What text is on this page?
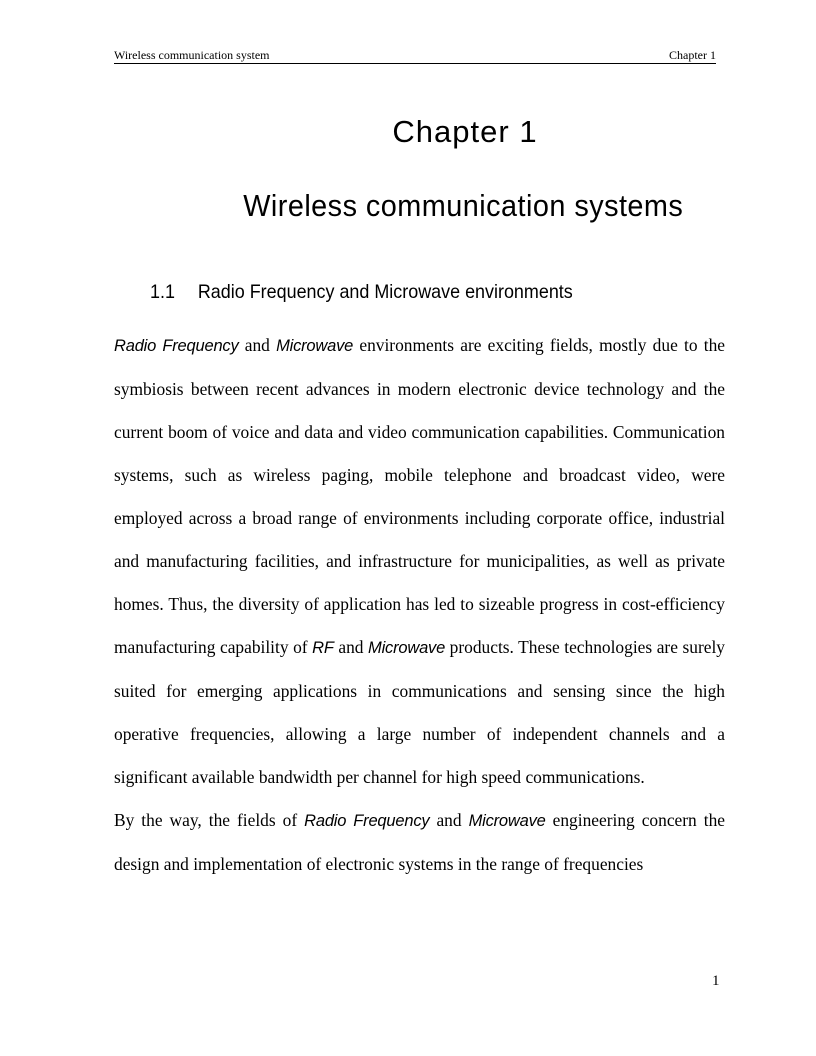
Wireless communication system	Chapter 1
Chapter 1
Wireless communication systems
1.1 Radio Frequency and Microwave environments

Radio Frequency and Microwave environments are exciting fields, mostly due to the symbiosis between recent advances in modern electronic device technology and the current boom of voice and data and video communication capabilities. Communication systems, such as wireless paging, mobile telephone and broadcast video, were employed across a broad range of environments including corporate office, industrial and manufacturing facilities, and infrastructure for municipalities, as well as private homes. Thus, the diversity of application has led to sizeable progress in cost-efficiency manufacturing capability of RF and Microwave products. These technologies are surely suited for emerging applications in communications and sensing since the high operative frequencies, allowing a large number of independent channels and a significant available bandwidth per channel for high speed communications.

By the way, the fields of Radio Frequency and Microwave engineering concern the design and implementation of electronic systems in the range of frequencies

1
